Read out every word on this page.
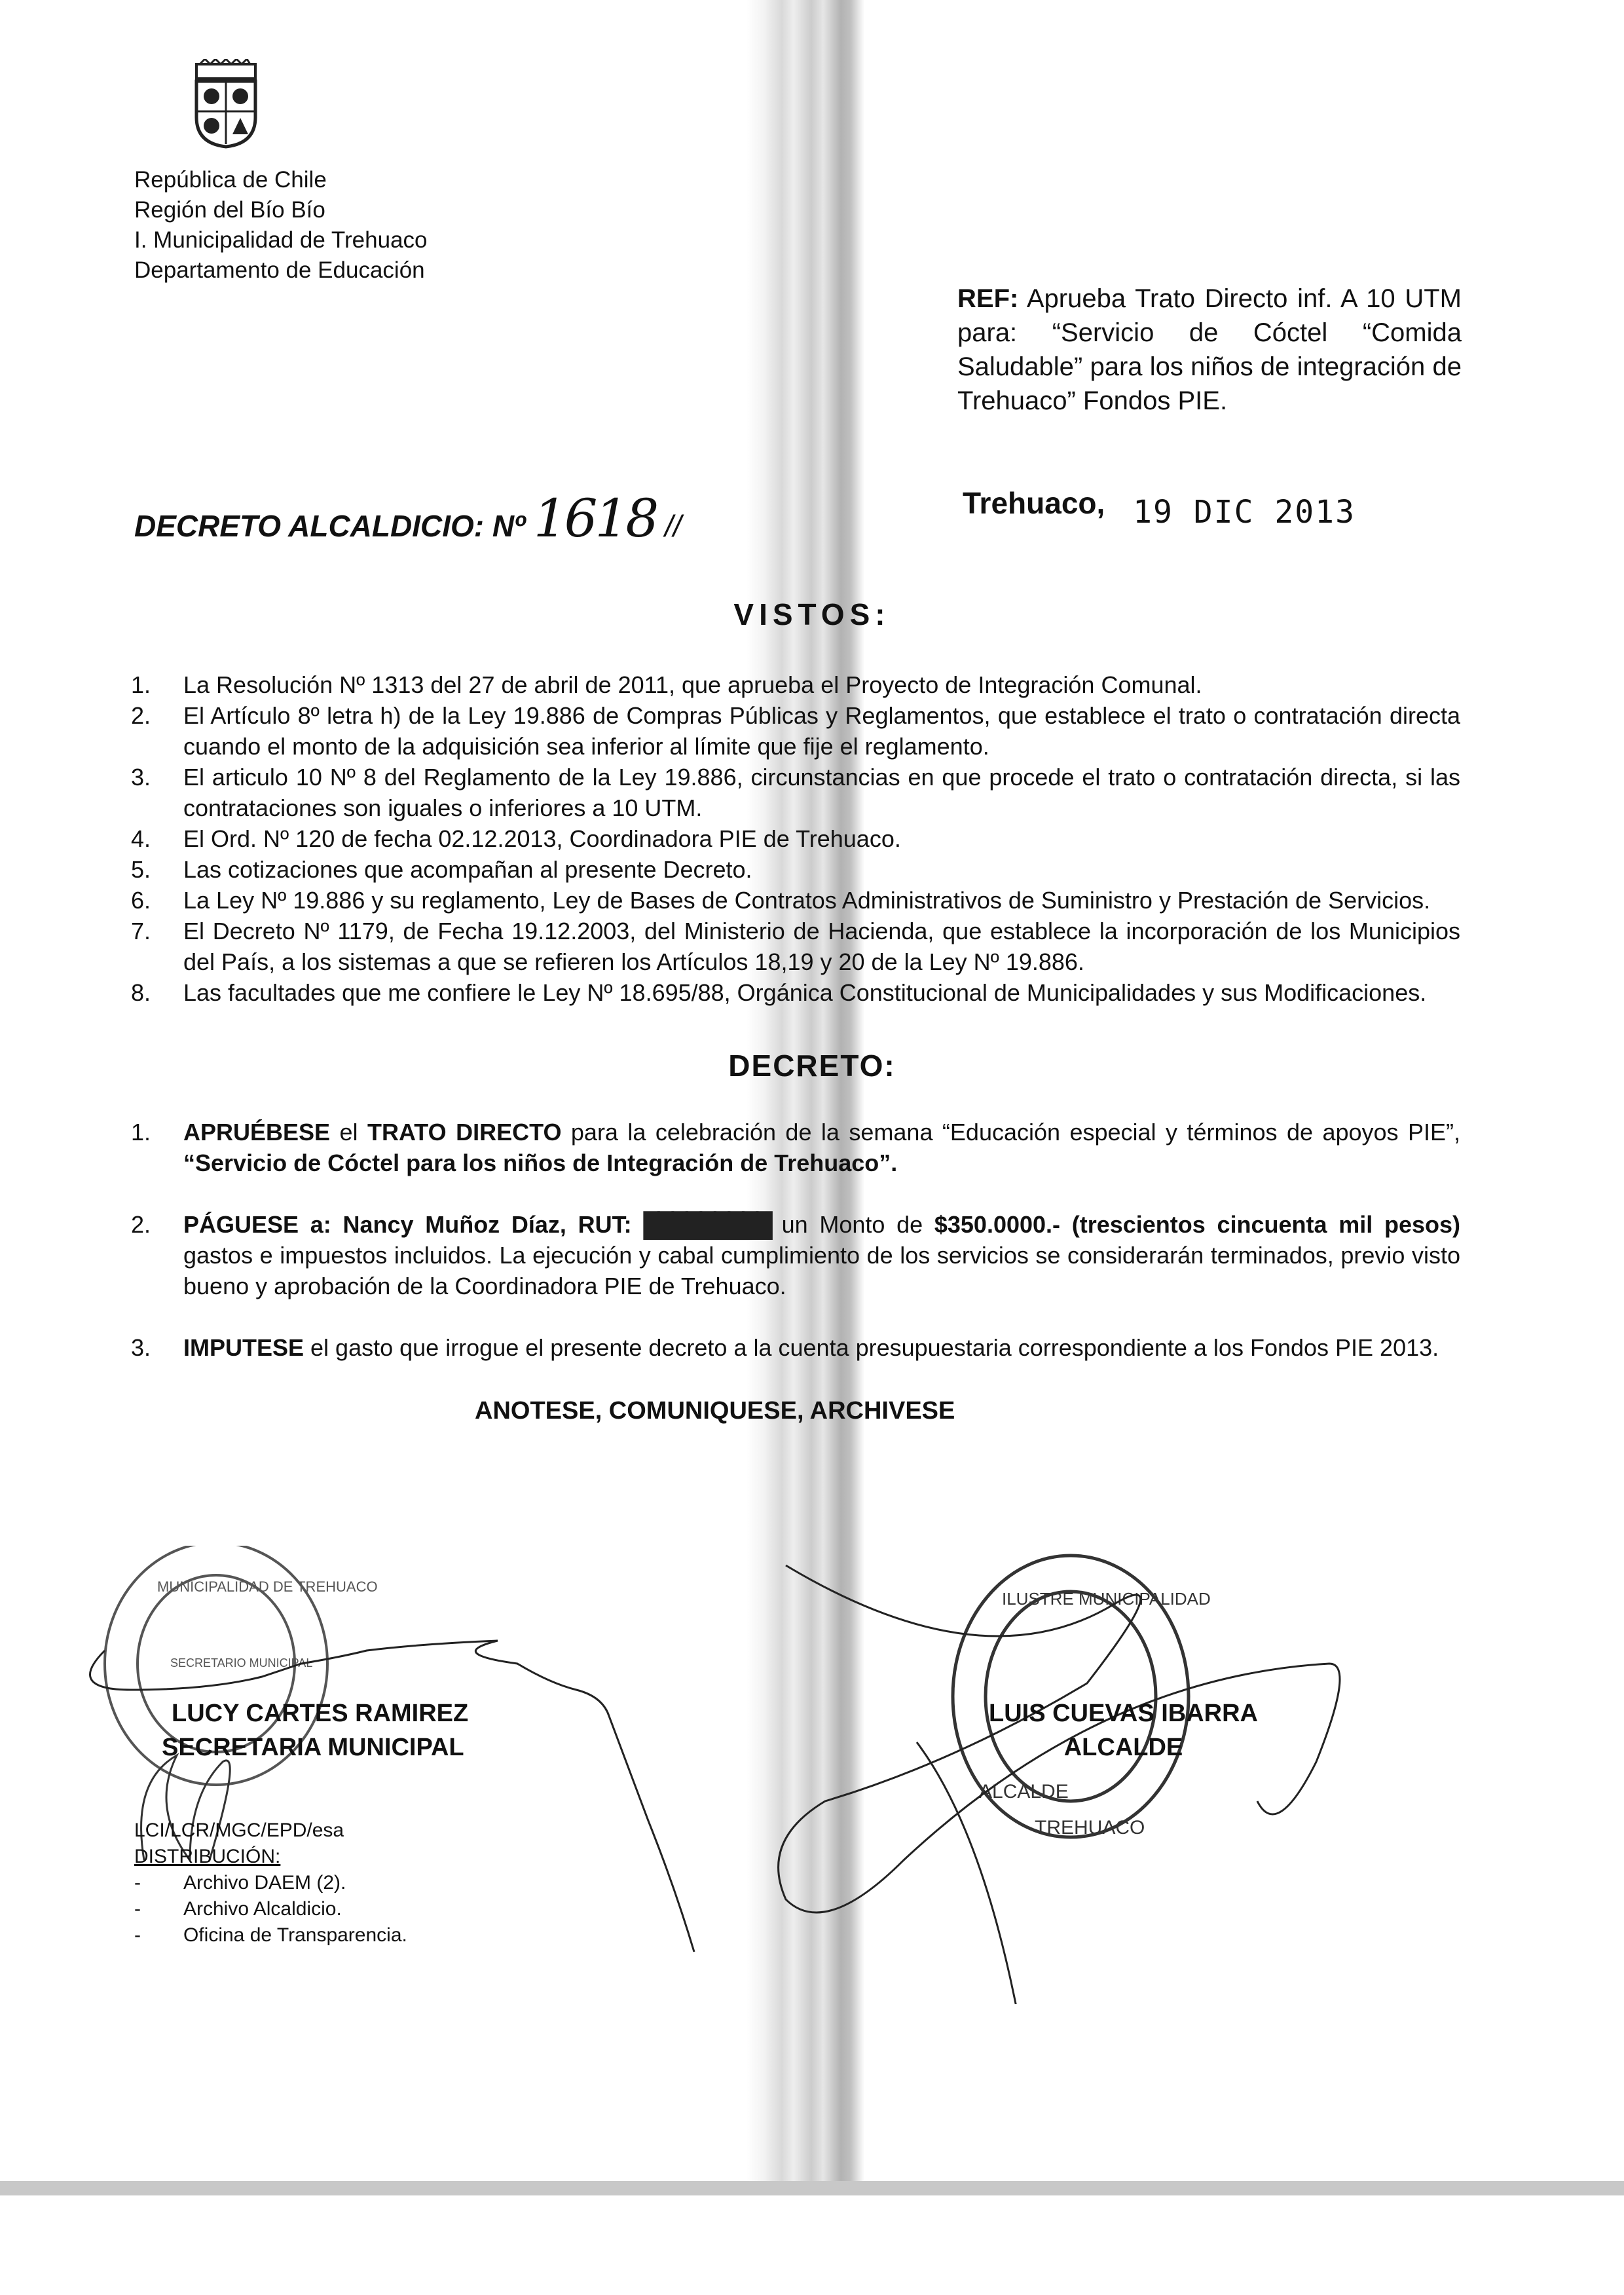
República de Chile
Región del Bío Bío
I. Municipalidad de Trehuaco
Departamento de Educación
REF: Aprueba Trato Directo inf. A 10 UTM para: “Servicio de Cóctel “Comida Saludable” para los niños de integración de Trehuaco” Fondos PIE.
DECRETO ALCALDICIO: Nº 1618 //
Trehuaco, 19 DIC 2013
VISTOS:
1.	La Resolución Nº 1313 del 27 de abril de 2011, que aprueba el Proyecto de Integración Comunal.
2.	El Artículo 8º letra h) de la Ley 19.886 de Compras Públicas y Reglamentos, que establece el trato o contratación directa cuando el monto de la adquisición sea inferior al límite que fije el reglamento.
3.	El articulo 10 Nº 8 del Reglamento de la Ley 19.886, circunstancias en que procede el trato o contratación directa, si las contrataciones son iguales o inferiores a 10 UTM.
4.	El Ord. Nº 120 de fecha 02.12.2013, Coordinadora PIE de Trehuaco.
5.	Las cotizaciones que acompañan al presente Decreto.
6.	La Ley Nº 19.886 y su reglamento, Ley de Bases de Contratos Administrativos de Suministro y Prestación de Servicios.
7.	El Decreto Nº 1179, de Fecha 19.12.2003, del Ministerio de Hacienda, que establece la incorporación de los Municipios del País, a los sistemas a que se refieren los Artículos 18,19 y 20 de la Ley Nº 19.886.
8.	Las facultades que me confiere le Ley Nº 18.695/88, Orgánica Constitucional de Municipalidades y sus Modificaciones.
DECRETO:
1.	APRUÉBESE el TRATO DIRECTO para la celebración de la semana “Educación especial y términos de apoyos PIE”, “Servicio de Cóctel para los niños de Integración de Trehuaco”.
2.	PÁGUESE a: Nancy Muñoz Díaz, RUT: █████████ un Monto de $350.0000.- (trescientos cincuenta mil pesos) gastos e impuestos incluidos. La ejecución y cabal cumplimiento de los servicios se considerarán terminados, previo visto bueno y aprobación de la Coordinadora PIE de Trehuaco.
3.	IMPUTESE el gasto que irrogue el presente decreto a la cuenta presupuestaria correspondiente a los Fondos PIE 2013.
ANOTESE, COMUNIQUESE, ARCHIVESE
MUNICIPALIDAD DE TREHUACO
SECRETARIO MUNICIPAL
ILUSTRE MUNICIPALIDAD
ALCALDE
TREHUACO
LUCY CARTES RAMIREZ
SECRETARIA MUNICIPAL
LUIS CUEVAS IBARRA
ALCALDE
LCI/LCR/MGC/EPD/esa
DISTRIBUCIÓN:
-	Archivo DAEM (2).
-	Archivo Alcaldicio.
-	Oficina de Transparencia.
